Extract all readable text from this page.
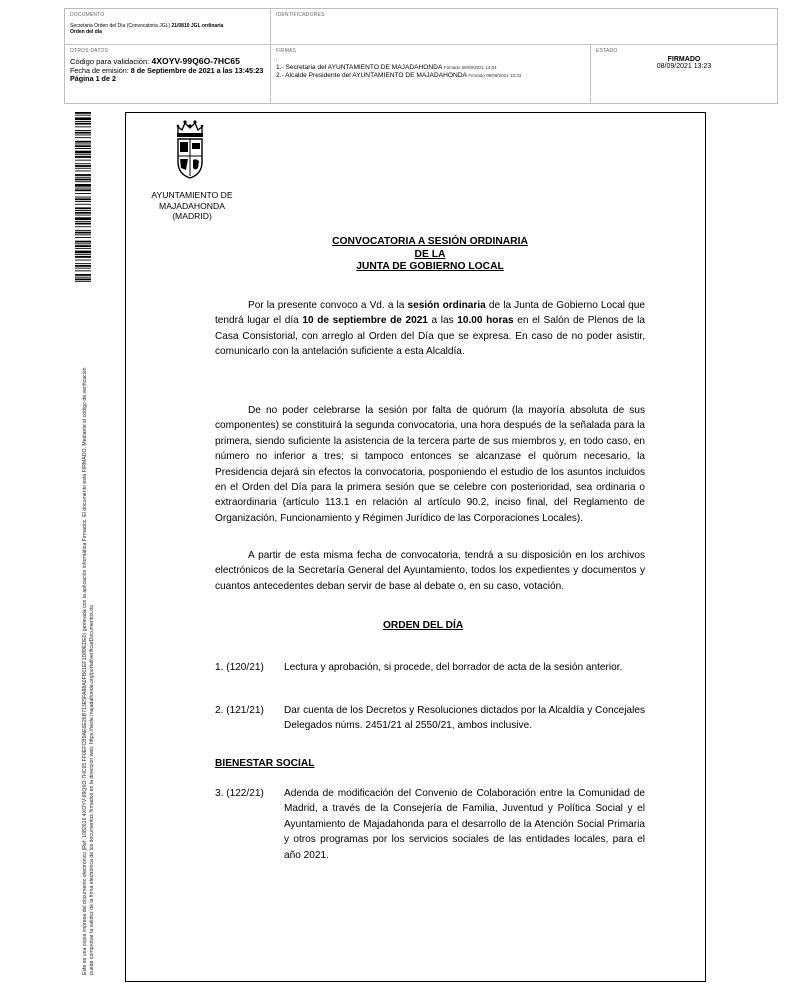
DOCUMENTO
Secretaria Orden del Día (Convocatoria JGL) 21/0810 JGL ordinaria
Orden del día
IDENTIFICADORES
OTROS DATOS
Código para validación: 4XOYV-99Q6O-7HC65
Fecha de emisión: 8 de Septiembre de 2021 a las 13:45:23
Página 1 de 2
FIRMAS
:
1.- Secretaria del AYUNTAMIENTO DE MAJADAHONDA Firmado 08/09/2021 13:04
2.- Alcalde Presidente del AYUNTAMIENTO DE MAJADAHONDA Firmado 08/09/2021 13:23
ESTADO
FIRMADO
08/09/2021 13:23
Este es una copia impresa del documento electrónico (Ref: 1082616 4XOYV-99Q6O-7HC65 FF0EFCB9AE6E26B713E5FA88A0FB61EF1D89EDE0) generada con la aplicación informática Firmadoc. El documento está FIRMADO. Mediante el código de verificación puede comprobar la validez de la firma electrónica de los documentos firmados en la dirección web: https://sede.majadahonda.org/portal/verificarDocumentos.do
AYUNTAMIENTO DE
MAJADAHONDA
(MADRID)
CONVOCATORIA A SESIÓN ORDINARIA
DE LA
JUNTA DE GOBIERNO LOCAL

Por la presente convoco a Vd. a la sesión ordinaria de la Junta de Gobierno Local que tendrá lugar el día 10 de septiembre de 2021 a las 10.00 horas en el Salón de Plenos de la Casa Consistorial, con arreglo al Orden del Día que se expresa. En caso de no poder asistir, comunicarlo con la antelación suficiente a esta Alcaldía.

De no poder celebrarse la sesión por falta de quórum (la mayoría absoluta de sus componentes) se constituirá la segunda convocatoria, una hora después de la señalada para la primera, siendo suficiente la asistencia de la tercera parte de sus miembros y, en todo caso, en número no inferior a tres; si tampoco entonces se alcanzase el quórum necesario, la Presidencia dejará sin efectos la convocatoria, posponiendo el estudio de los asuntos incluidos en el Orden del Día para la primera sesión que se celebre con posterioridad, sea ordinaria o extraordinaria (artículo 113.1 en relación al artículo 90.2, inciso final, del Reglamento de Organización, Funcionamiento y Régimen Jurídico de las Corporaciones Locales).

A partir de esta misma fecha de convocatoria, tendrá a su disposición en los archivos electrónicos de la Secretaría General del Ayuntamiento, todos los expedientes y documentos y cuantos antecedentes deban servir de base al debate o, en su caso, votación.

ORDEN DEL DÍA
1. (120/21)	Lectura y aprobación, si procede, del borrador de acta de la sesión anterior.
2. (121/21)	Dar cuenta de los Decretos y Resoluciones dictados por la Alcaldía y Concejales Delegados núms. 2451/21 al 2550/21, ambos inclusive.
BIENESTAR SOCIAL
3. (122/21)	Adenda de modificación del Convenio de Colaboración entre la Comunidad de Madrid, a través de la Consejería de Familia, Juventud y Política Social y el Ayuntamiento de Majadahonda para el desarrollo de la Atención Social Primaria y otros programas por los servicios sociales de las entidades locales, para el año 2021.
